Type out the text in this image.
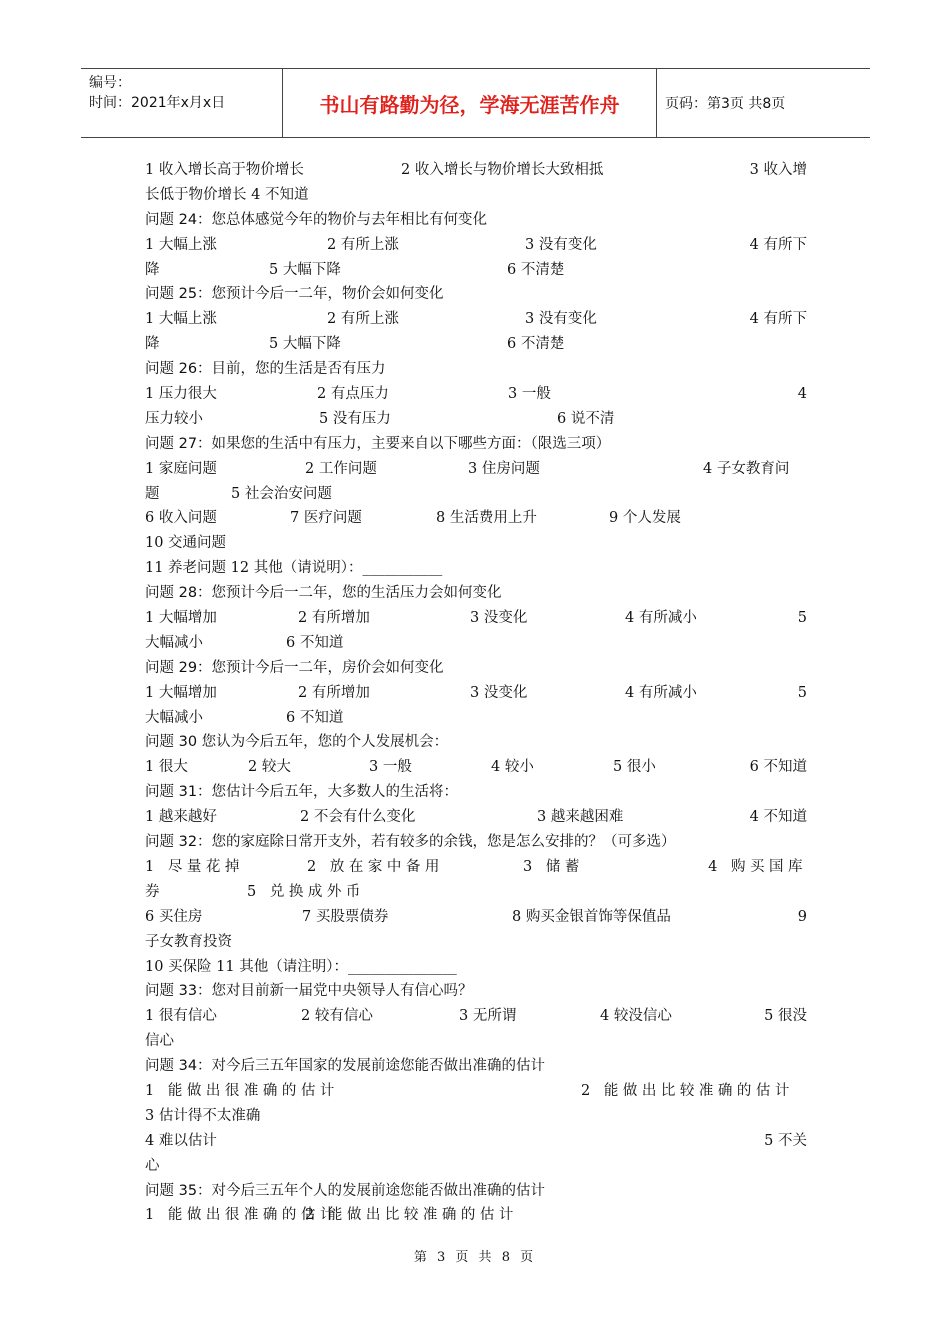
编号：
时间：2021年x月x日	书山有路勤为径，学海无涯苦作舟	页码：第3页 共8页
1 收入增长高于物价增长	2 收入增长与物价增长大致相抵	3 收入增
长低于物价增长 4 不知道
问题 24：您总体感觉今年的物价与去年相比有何变化
1 大幅上涨	2 有所上涨	3 没有变化	4 有所下
降	5 大幅下降	6 不清楚
问题 25：您预计今后一二年，物价会如何变化
1 大幅上涨	2 有所上涨	3 没有变化	4 有所下
降	5 大幅下降	6 不清楚
问题 26：目前，您的生活是否有压力
1 压力很大	2 有点压力	3 一般	4
压力较小	5 没有压力	6 说不清
问题 27：如果您的生活中有压力，主要来自以下哪些方面：（限选三项）
1 家庭问题	2 工作问题	3 住房问题	4 子女教育问
题	5 社会治安问题
6 收入问题	7 医疗问题	8 生活费用上升	9 个人发展
10 交通问题
11 养老问题 12 其他（请说明）：___________
问题 28：您预计今后一二年，您的生活压力会如何变化
1 大幅增加	2 有所增加	3 没变化	4 有所减小	5
大幅减小	6 不知道
问题 29：您预计今后一二年，房价会如何变化
1 大幅增加	2 有所增加	3 没变化	4 有所减小	5
大幅减小	6 不知道
问题 30 您认为今后五年，您的个人发展机会：
1 很大	2 较大	3 一般	4 较小	5 很小	6 不知道
问题 31：您估计今后五年，大多数人的生活将：
1 越来越好	2 不会有什么变化	3 越来越困难	4 不知道
问题 32：您的家庭除日常开支外，若有较多的余钱，您是怎么安排的？（可多选）
1 尽量花掉	2 放在家中备用	3 储蓄	4 购买国库
券	5 兑换成外币
6 买住房	7 买股票债券	8 购买金银首饰等保值品	9
子女教育投资
10 买保险 11 其他（请注明）：_______________
问题 33：您对目前新一届党中央领导人有信心吗？
1 很有信心	2 较有信心	3 无所谓	4 较没信心	5 很没
信心
问题 34：对今后三五年国家的发展前途您能否做出准确的估计
1 能做出很准确的估计	2 能做出比较准确的估计
3 估计得不太准确
4 难以估计	5 不关
心
问题 35：对今后三五年个人的发展前途您能否做出准确的估计
1 能做出很准确的估计
2 能做出比较准确的估计
第 3 页 共 8 页
